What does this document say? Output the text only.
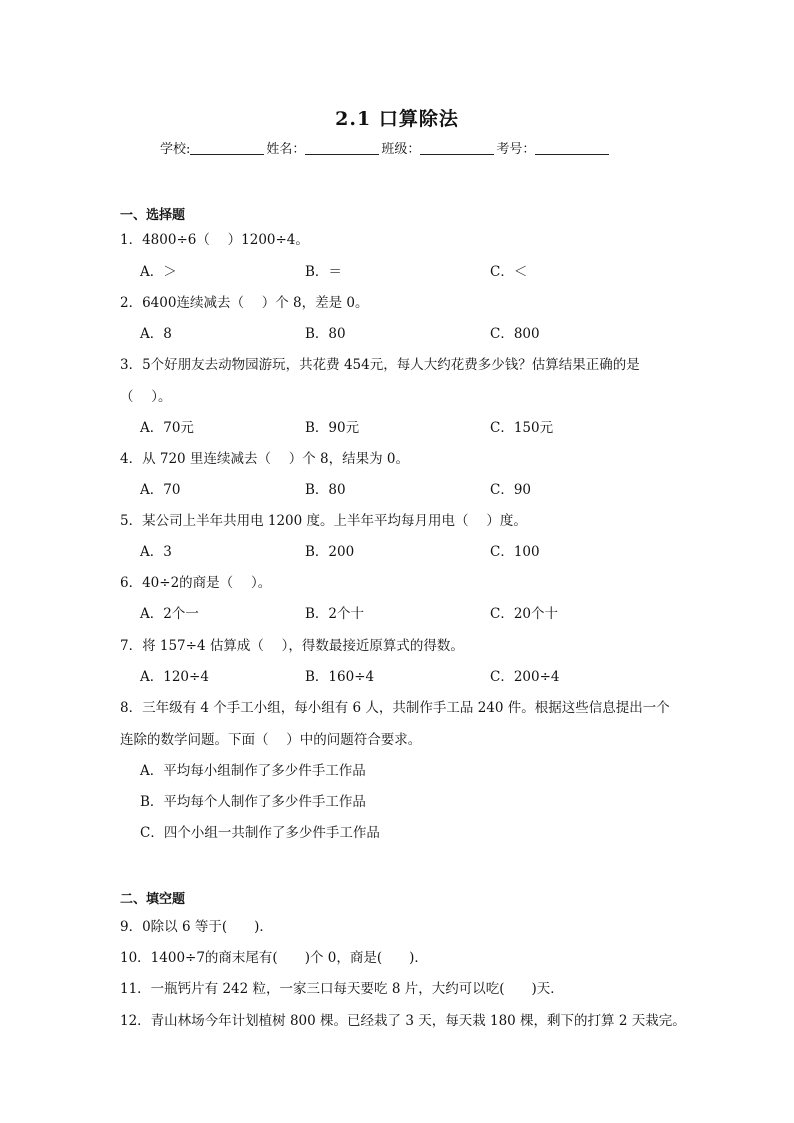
2.1 口算除法
学校:	姓名：	班级：	考号：
一、选择题
1．4800÷6（　 ）1200÷4。
A．＞	B．＝	C．＜
2．6400连续减去（　 ）个 8，差是 0。
A．8	B．80	C．800
3．5个好朋友去动物园游玩，共花费 454元，每人大约花费多少钱？估算结果正确的是
（　 ）。
A．70元	B．90元	C．150元
4．从 720 里连续减去（　 ）个 8，结果为 0。
A．70	B．80	C．90
5．某公司上半年共用电 1200 度。上半年平均每月用电（　 ）度。
A．3	B．200	C．100
6．40÷2的商是（　 ）。
A．2个一	B．2个十	C．20个十
7．将 157÷4 估算成（　 ），得数最接近原算式的得数。
A．120÷4	B．160÷4	C．200÷4
8．三年级有 4 个手工小组，每小组有 6 人，共制作手工品 240 件。根据这些信息提出一个
连除的数学问题。下面（　 ）中的问题符合要求。
A．平均每小组制作了多少件手工作品
B．平均每个人制作了多少件手工作品
C．四个小组一共制作了多少件手工作品
二、填空题
9．0除以 6 等于(　　)．
10．1400÷7的商末尾有(　　)个 0，商是(　　)．
11．一瓶钙片有 242 粒，一家三口每天要吃 8 片，大约可以吃(　　)天．
12．青山林场今年计划植树 800 棵。已经栽了 3 天，每天栽 180 棵，剩下的打算 2 天栽完。
